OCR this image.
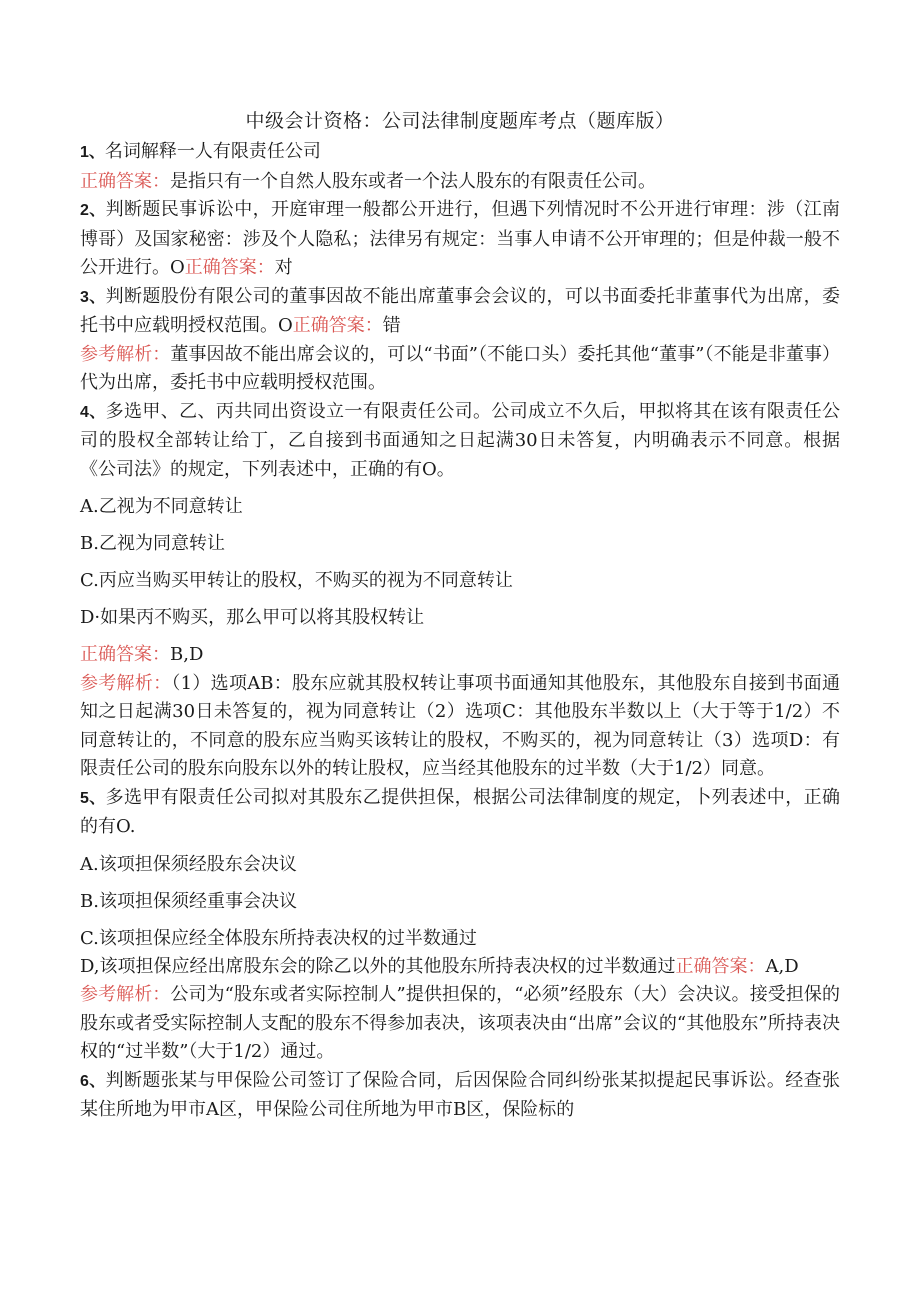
中级会计资格：公司法律制度题库考点（题库版）

1、名词解释一人有限责任公司

正确答案：是指只有一个自然人股东或者一个法人股东的有限责任公司。

2、判断题民事诉讼中，开庭审理一般都公开进行，但遇下列情况时不公开进行审理：涉（江南博哥）及国家秘密：涉及个人隐私；法律另有规定：当事人申请不公开审理的；但是仲裁一般不公开进行。O正确答案：对

3、判断题股份有限公司的董事因故不能出席董事会会议的，可以书面委托非董事代为出席，委托书中应载明授权范围。O正确答案：错

参考解析：董事因故不能出席会议的，可以“书面”（不能口头）委托其他“董事”（不能是非董事）代为出席，委托书中应载明授权范围。

4、多选甲、乙、丙共同出资设立一有限责任公司。公司成立不久后，甲拟将其在该有限责任公司的股权全部转让给丁，乙自接到书面通知之日起满30日未答复，内明确表示不同意。根据《公司法》的规定，下列表述中，正确的有O。

A.乙视为不同意转让

B.乙视为同意转让

C.丙应当购买甲转让的股权，不购买的视为不同意转让

D·如果丙不购买，那么甲可以将其股权转让

正确答案：B,D

参考解析：（1）选项AB：股东应就其股权转让事项书面通知其他股东，其他股东自接到书面通知之日起满30日未答复的，视为同意转让（2）选项C：其他股东半数以上（大于等于1/2）不同意转让的，不同意的股东应当购买该转让的股权，不购买的，视为同意转让（3）选项D：有限责任公司的股东向股东以外的转让股权，应当经其他股东的过半数（大于1/2）同意。

5、多选甲有限责任公司拟对其股东乙提供担保，根据公司法律制度的规定，卜列表述中，正确的有O.

A.该项担保须经股东会决议

B.该项担保须经重事会决议

C.该项担保应经全体股东所持表决权的过半数通过

D,该项担保应经出席股东会的除乙以外的其他股东所持表决权的过半数通过正确答案：A,D

参考解析：公司为“股东或者实际控制人”提供担保的，“必须”经股东（大）会决议。接受担保的股东或者受实际控制人支配的股东不得参加表决，该项表决由“出席”会议的“其他股东”所持表决权的“过半数”（大于1/2）通过。

6、判断题张某与甲保险公司签订了保险合同，后因保险合同纠纷张某拟提起民事诉讼。经查张某住所地为甲市A区，甲保险公司住所地为甲市B区，保险标的
